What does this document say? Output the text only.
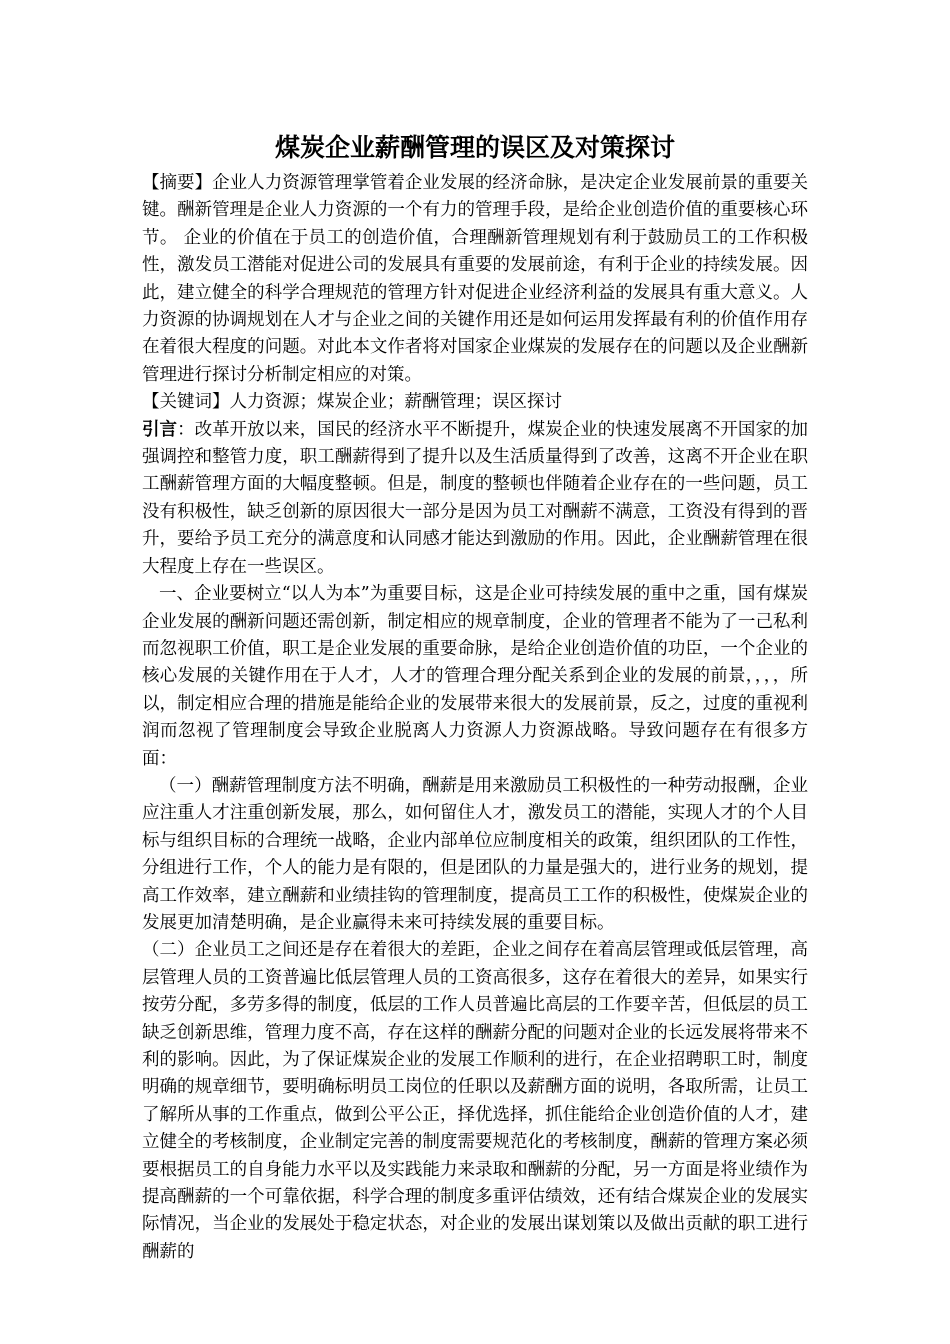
煤炭企业薪酬管理的误区及对策探讨

【摘要】企业人力资源管理掌管着企业发展的经济命脉，是决定企业发展前景的重要关键。酬新管理是企业人力资源的一个有力的管理手段，是给企业创造价值的重要核心环节。 企业的价值在于员工的创造价值，合理酬新管理规划有利于鼓励员工的工作积极性，激发员工潜能对促进公司的发展具有重要的发展前途，有利于企业的持续发展。因此，建立健全的科学合理规范的管理方针对促进企业经济利益的发展具有重大意义。人力资源的协调规划在人才与企业之间的关键作用还是如何运用发挥最有利的价值作用存在着很大程度的问题。对此本文作者将对国家企业煤炭的发展存在的问题以及企业酬新管理进行探讨分析制定相应的对策。

【关键词】人力资源；煤炭企业；薪酬管理；误区探讨

引言：改革开放以来，国民的经济水平不断提升，煤炭企业的快速发展离不开国家的加强调控和整管力度，职工酬薪得到了提升以及生活质量得到了改善，这离不开企业在职工酬薪管理方面的大幅度整顿。但是，制度的整顿也伴随着企业存在的一些问题，员工没有积极性，缺乏创新的原因很大一部分是因为员工对酬薪不满意，工资没有得到的晋升，要给予员工充分的满意度和认同感才能达到激励的作用。因此，企业酬薪管理在很大程度上存在一些误区。

一、企业要树立“以人为本”为重要目标，这是企业可持续发展的重中之重，国有煤炭企业发展的酬新问题还需创新，制定相应的规章制度，企业的管理者不能为了一己私利而忽视职工价值，职工是企业发展的重要命脉，是给企业创造价值的功臣，一个企业的核心发展的关键作用在于人才，人才的管理合理分配关系到企业的发展的前景，，，，所以，制定相应合理的措施是能给企业的发展带来很大的发展前景，反之，过度的重视利润而忽视了管理制度会导致企业脱离人力资源人力资源战略。导致问题存在有很多方面：

（一）酬薪管理制度方法不明确，酬薪是用来激励员工积极性的一种劳动报酬，企业应注重人才注重创新发展，那么，如何留住人才，激发员工的潜能，实现人才的个人目标与组织目标的合理统一战略，企业内部单位应制度相关的政策，组织团队的工作性，分组进行工作，个人的能力是有限的，但是团队的力量是强大的，进行业务的规划，提高工作效率，建立酬薪和业绩挂钩的管理制度，提高员工工作的积极性，使煤炭企业的发展更加清楚明确，是企业赢得未来可持续发展的重要目标。

（二）企业员工之间还是存在着很大的差距，企业之间存在着高层管理或低层管理，高层管理人员的工资普遍比低层管理人员的工资高很多，这存在着很大的差异，如果实行按劳分配，多劳多得的制度，低层的工作人员普遍比高层的工作要辛苦，但低层的员工缺乏创新思维，管理力度不高，存在这样的酬薪分配的问题对企业的长远发展将带来不利的影响。因此，为了保证煤炭企业的发展工作顺利的进行，在企业招聘职工时，制度明确的规章细节，要明确标明员工岗位的任职以及薪酬方面的说明，各取所需，让员工了解所从事的工作重点，做到公平公正，择优选择，抓住能给企业创造价值的人才，建立健全的考核制度，企业制定完善的制度需要规范化的考核制度，酬薪的管理方案必须要根据员工的自身能力水平以及实践能力来录取和酬薪的分配，另一方面是将业绩作为提高酬薪的一个可靠依据，科学合理的制度多重评估绩效，还有结合煤炭企业的发展实际情况，当企业的发展处于稳定状态，对企业的发展出谋划策以及做出贡献的职工进行酬薪的
